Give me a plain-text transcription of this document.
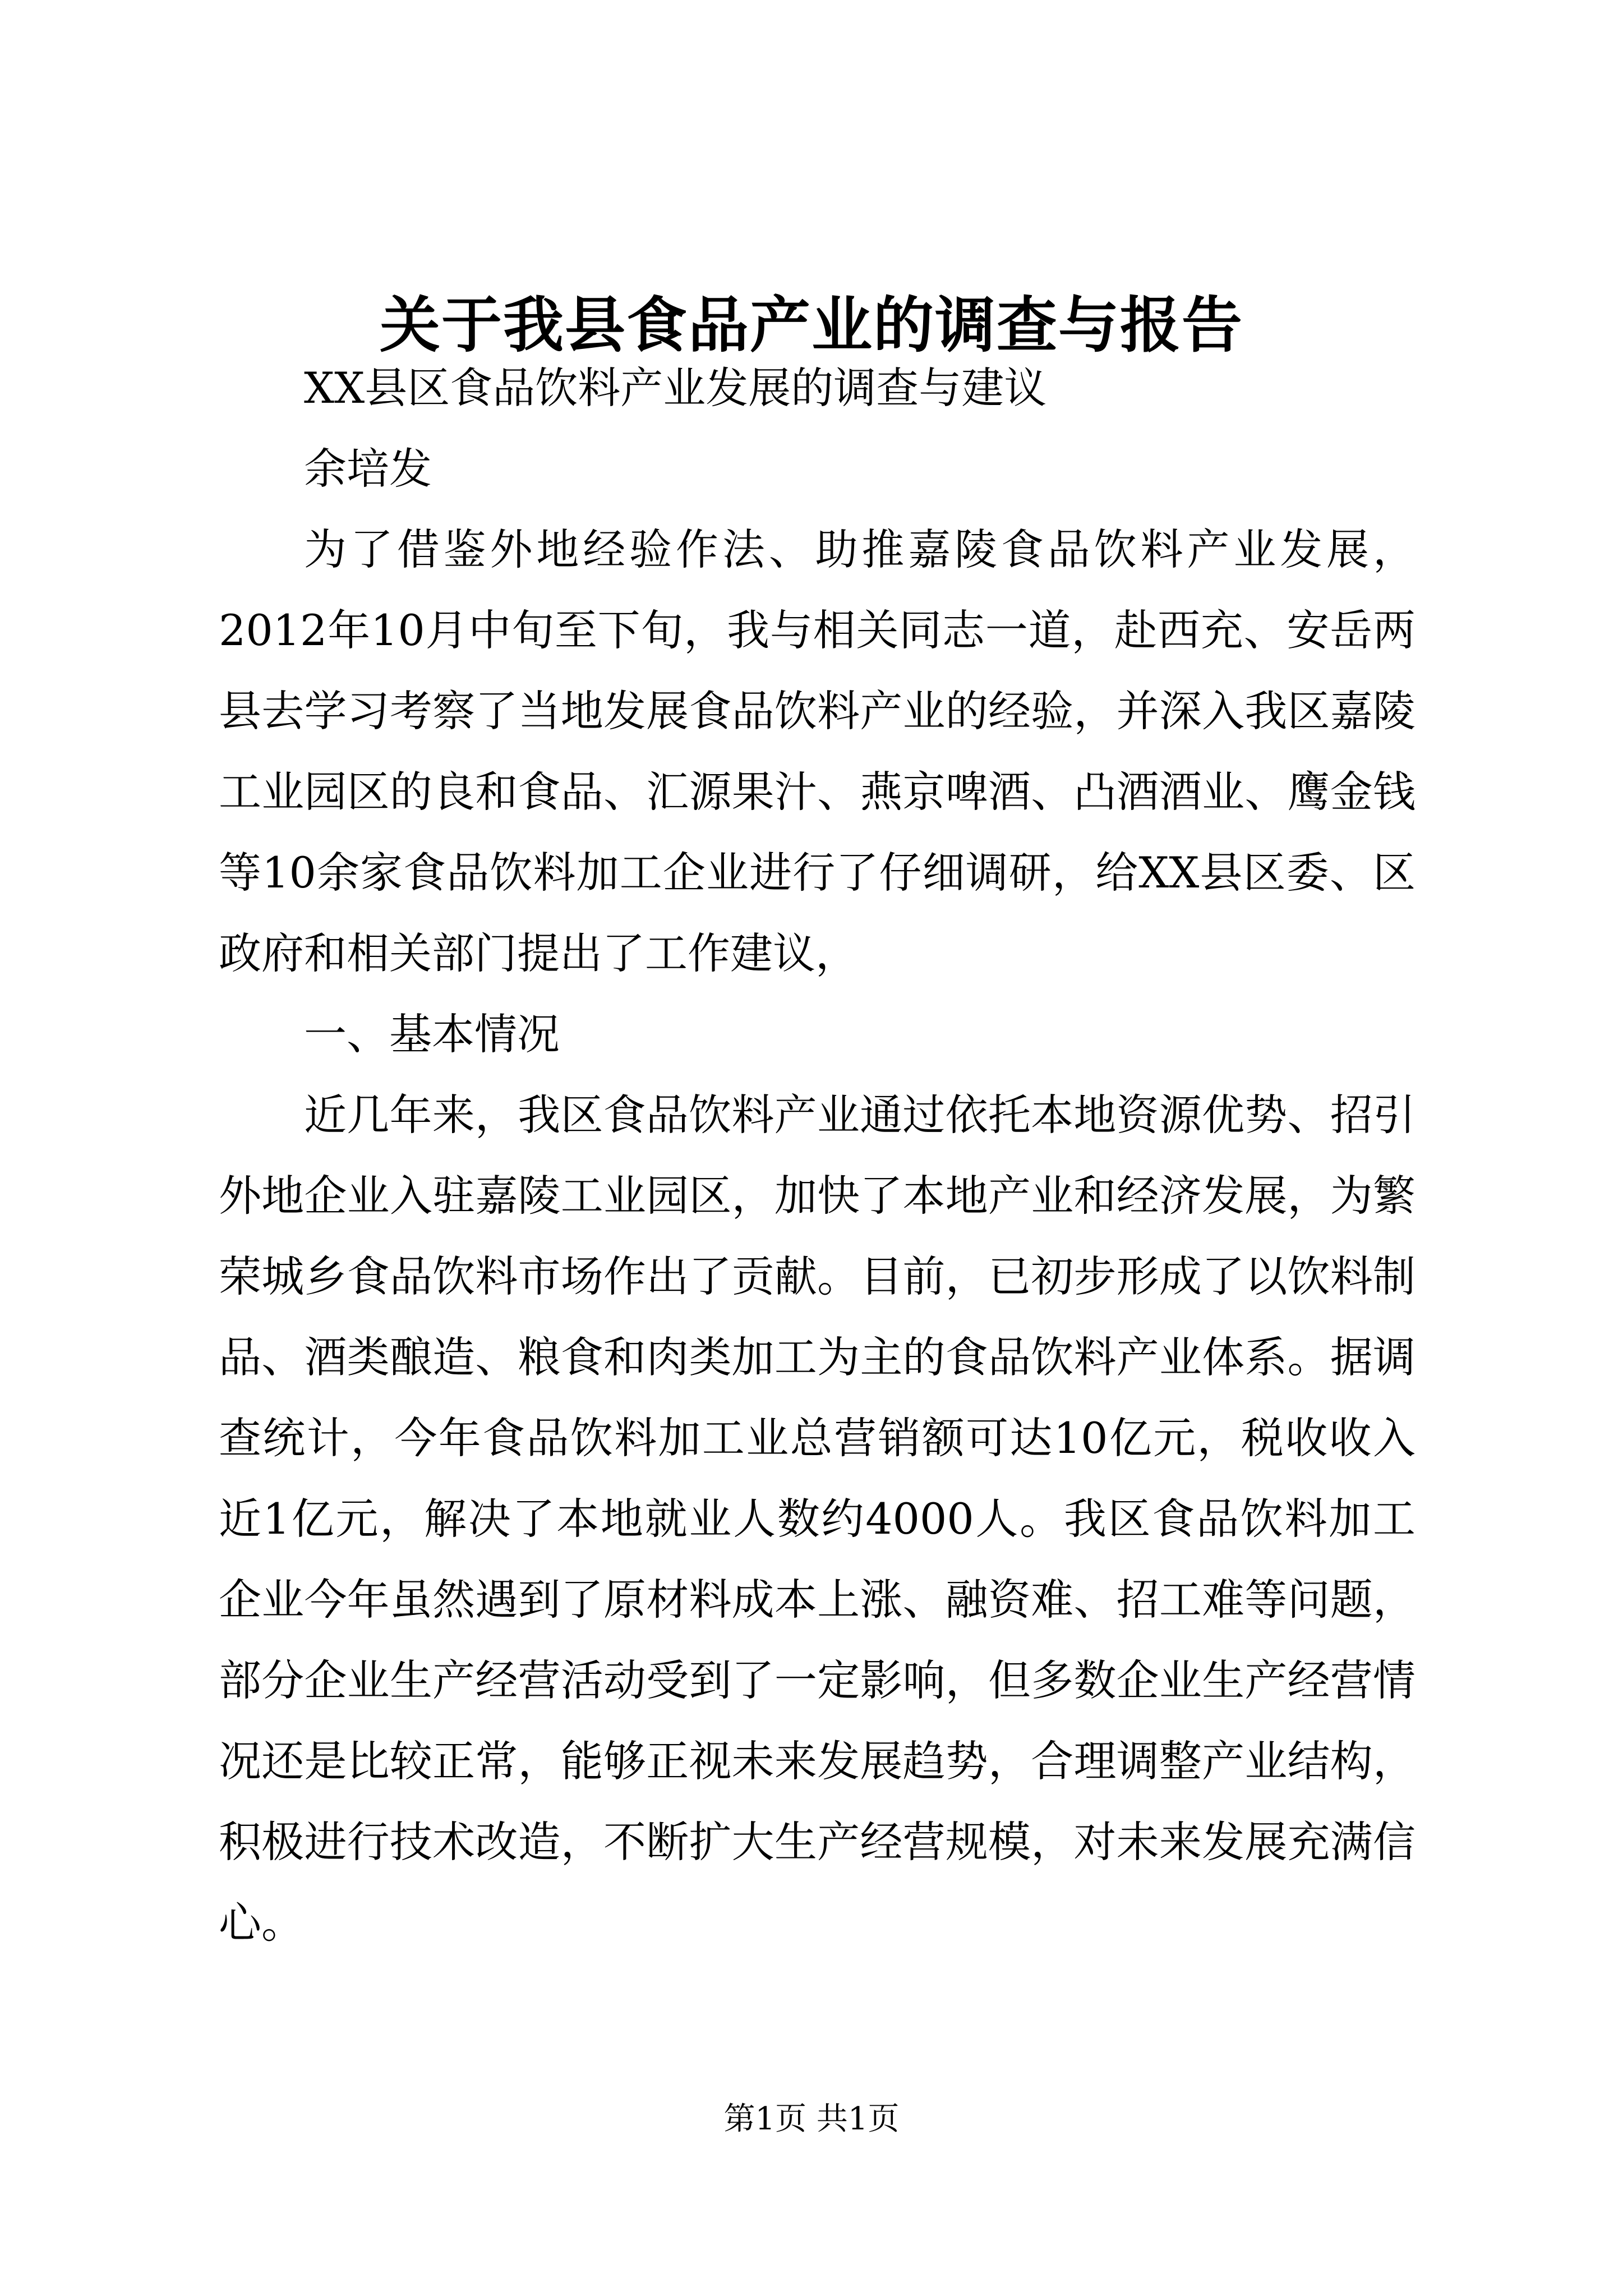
关于我县食品产业的调查与报告

XX县区食品饮料产业发展的调查与建议

余培发

为了借鉴外地经验作法、助推嘉陵食品饮料产业发展，2012年10月中旬至下旬，我与相关同志一道，赴西充、安岳两县去学习考察了当地发展食品饮料产业的经验，并深入我区嘉陵工业园区的良和食品、汇源果汁、燕京啤酒、凸酒酒业、鹰金钱等10余家食品饮料加工企业进行了仔细调研，给XX县区委、区政府和相关部门提出了工作建议，

一、基本情况

近几年来，我区食品饮料产业通过依托本地资源优势、招引外地企业入驻嘉陵工业园区，加快了本地产业和经济发展，为繁荣城乡食品饮料市场作出了贡献。目前，已初步形成了以饮料制品、酒类酿造、粮食和肉类加工为主的食品饮料产业体系。据调查统计，今年食品饮料加工业总营销额可达10亿元，税收收入近1亿元，解决了本地就业人数约4000人。我区食品饮料加工企业今年虽然遇到了原材料成本上涨、融资难、招工难等问题，部分企业生产经营活动受到了一定影响，但多数企业生产经营情况还是比较正常，能够正视未来发展趋势，合理调整产业结构，积极进行技术改造，不断扩大生产经营规模，对未来发展充满信心。

第1页 共1页
